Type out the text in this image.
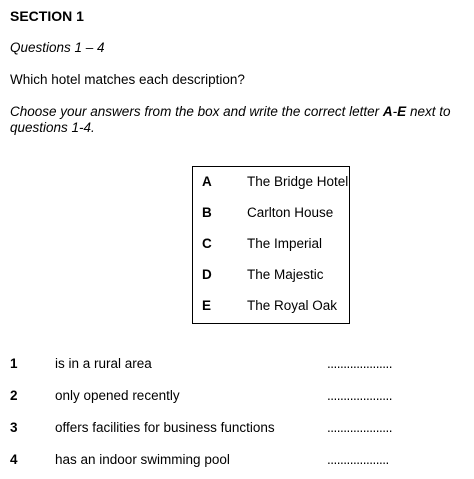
SECTION 1
Questions 1 – 4
Which hotel matches each description?
Choose your answers from the box and write the correct letter A-E next to questions 1-4.
A	The Bridge Hotel
B	Carlton House
C	The Imperial
D	The Majestic
E	The Royal Oak
1	is in a rural area	....................
2	only opened recently	....................
3	offers facilities for business functions	....................
4	has an indoor swimming pool	...................
